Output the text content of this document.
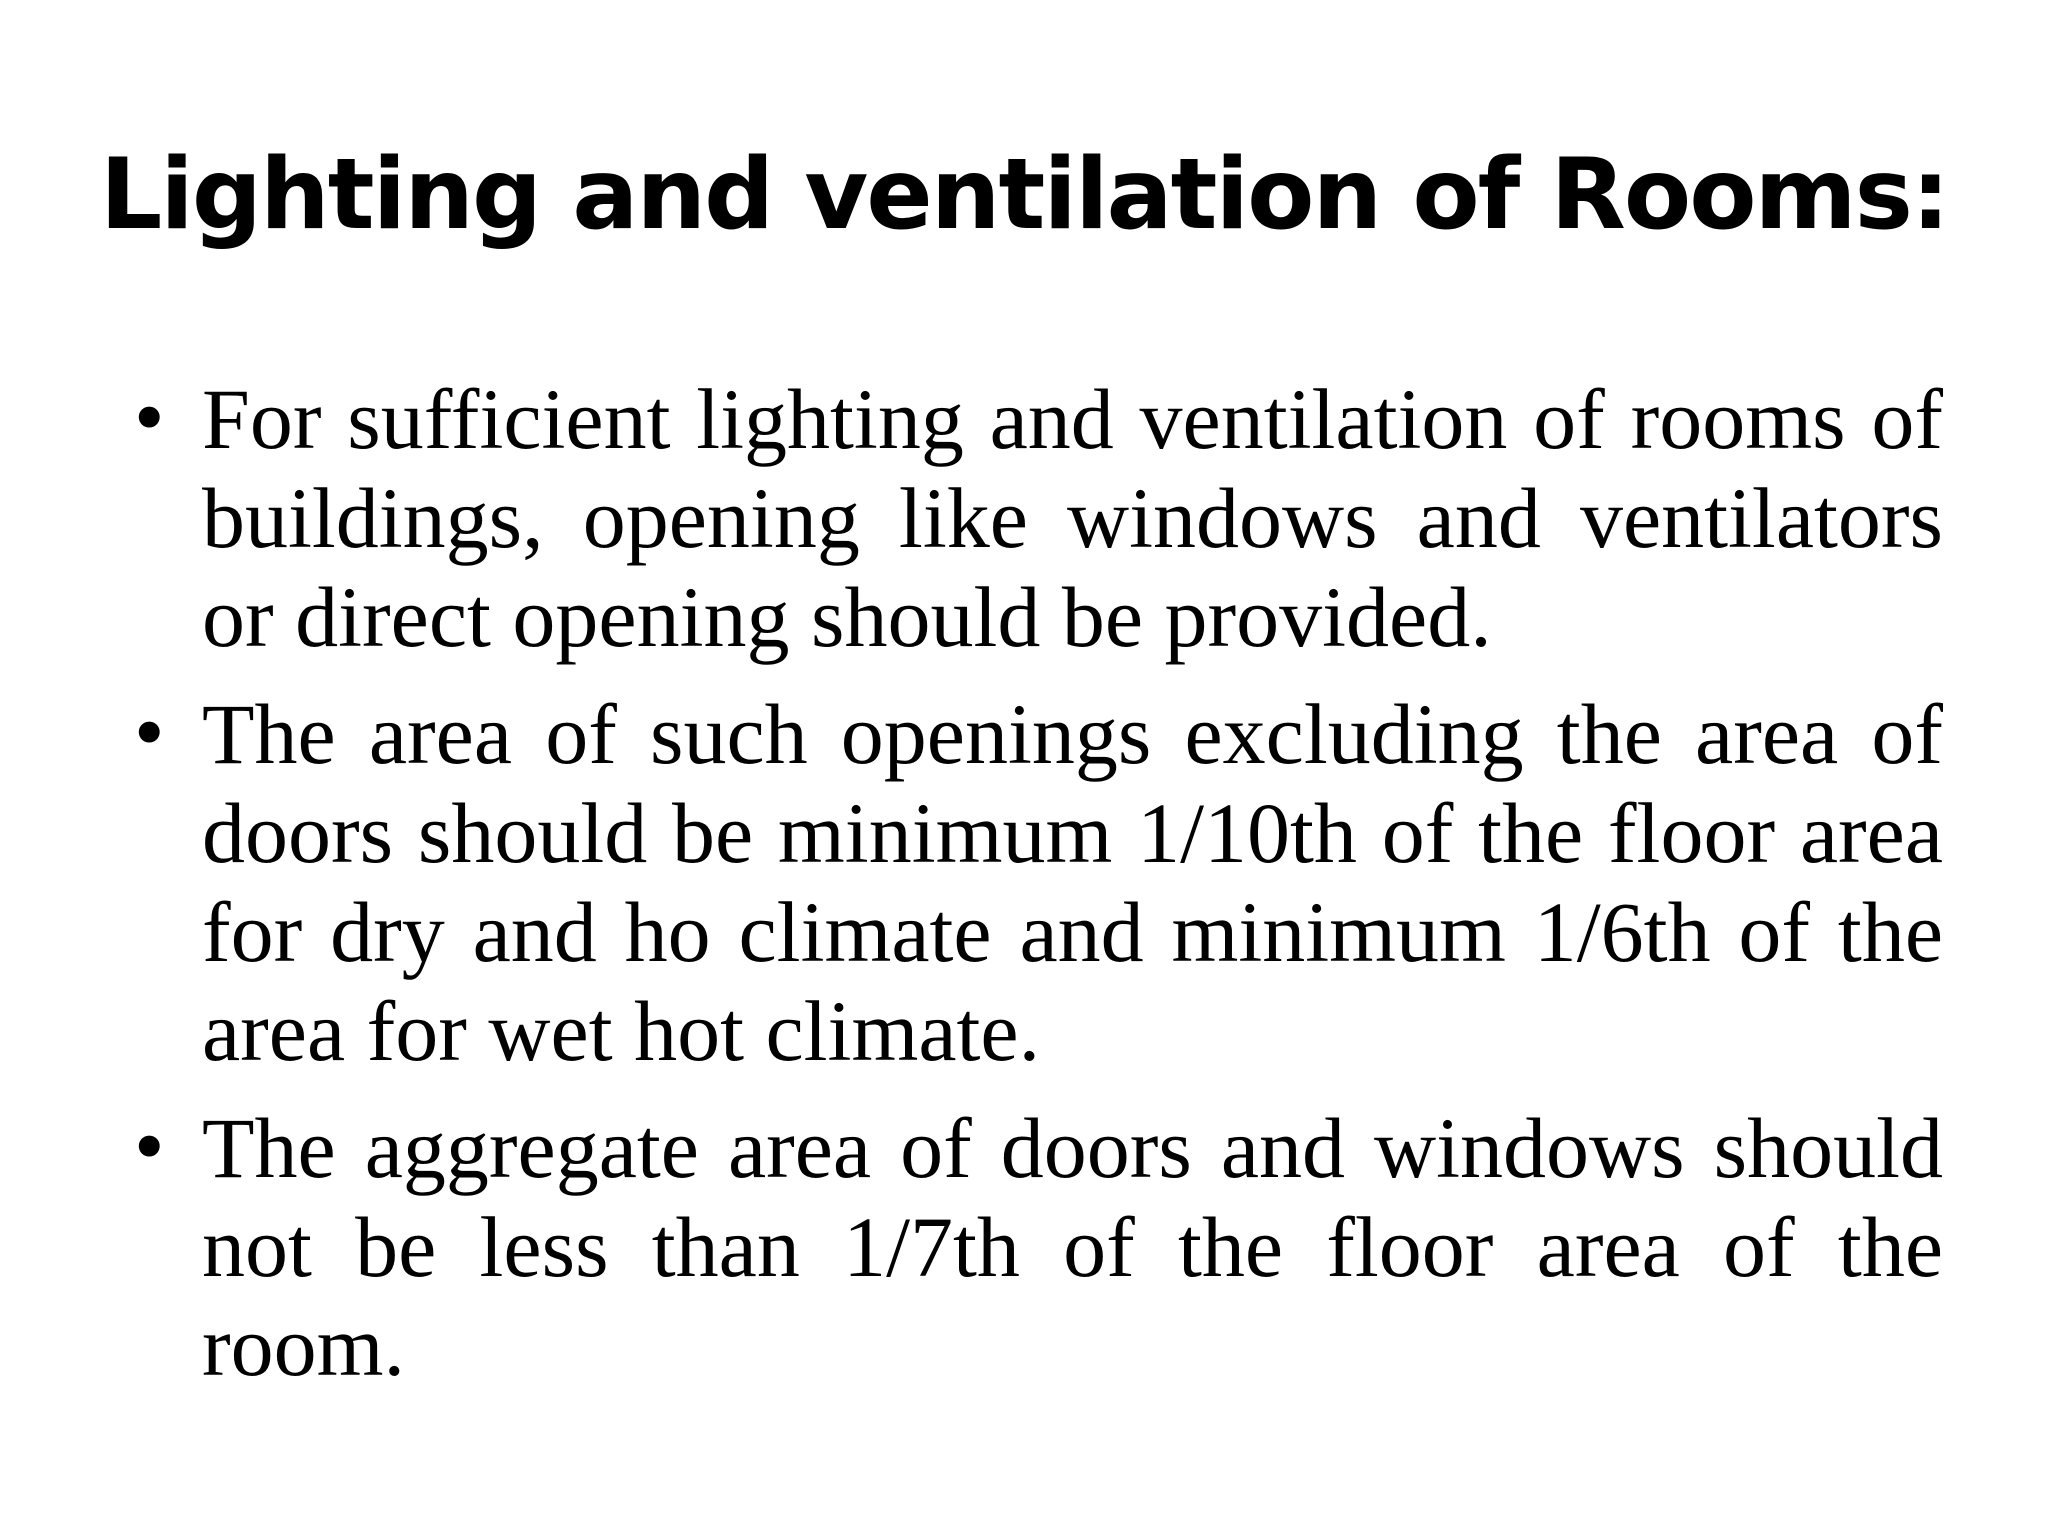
Lighting and ventilation of Rooms:
• For sufficient lighting and ventilation of rooms of buildings, opening like windows and ventilators or direct opening should be provided.
• The area of such openings excluding the area of doors should be minimum 1/10th of the floor area for dry and ho climate and minimum 1/6th of the area for wet hot climate.
• The aggregate area of doors and windows should not be less than 1/7th of the floor area of the room.
